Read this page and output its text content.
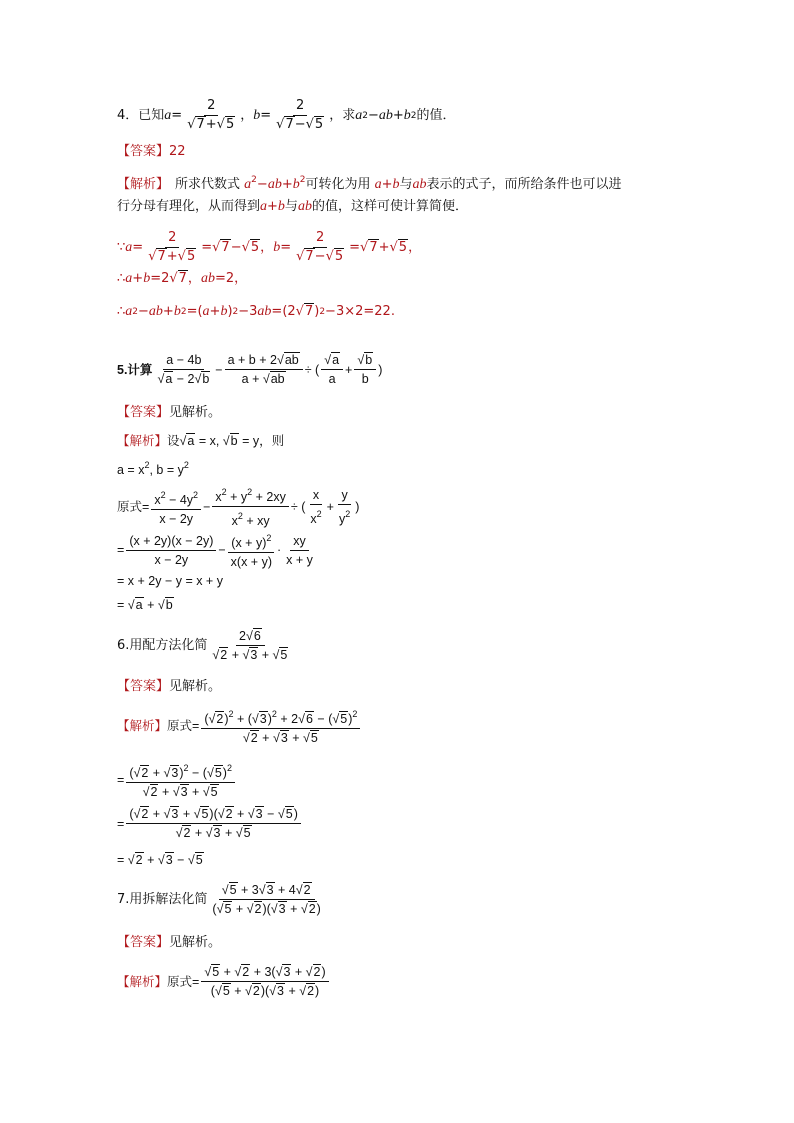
4．已知 $a = \frac{2}{√7+√5}$ ， $b = \frac{2}{√7-√5}$ ，求 a 2 − ab + b 2 的值．
【答案】22
【解析】 所求代数式 $a^2-ab+b^2$可转化为用 a+b与ab表示的式子，而所给条件也可以进
行分母有理化，从而得到a+b与ab的值，这样可使计算简便．
∵ $a = \frac{2}{√7+√5} =√7-√5$， $b = \frac{2}{√7-√5} =√7+√5$，
∴ a + b =2√7， ab =2，
∴ a 2 − ab + b 2 =( a + b ) 2 −3 ab =(2√7) 2 −3×2= 22.
5.计算 $\frac{a - 4b}{√a - 2√b} - \frac{a + b + 2√ab}{a + √ab}$ ÷ ( $\frac{√a}{a} + \frac{√b}{b}$ )
【答案】见解析。
【解析】设√a = x, √b = y，则
$a = x^2$, $b = y^2$
原式 = $\frac{x^2 - 4y^2}{x - 2y} - \frac{x^2 + y^2 + 2xy}{x^2 + xy}$ ÷ ( $\frac{x}{x^2} + \frac{y}{y^2}$ )
= $\frac{(x + 2y)(x - 2y)}{x - 2y} - \frac{(x + y)^2}{x(x + y)} \cdot \frac{xy}{x + y}$
= x + 2y − y = x + y
= √a + √b
6.用配方法化简 $\frac{2√6}{√2 + √3 + √5}$
【答案】见解析。
【解析】 原式 = $\frac{(√2)^2 + (√3)^2 + 2√6 - (√5)^2}{√2 + √3 + √5}$
= $\frac{(√2 + √3)^2 - (√5)^2}{√2 + √3 + √5}$
= $\frac{(√2 + √3 + √5)(√2 + √3 - √5)}{√2 + √3 + √5}$
= √2 + √3 − √5
7.用拆解法化简 $\frac{√5 + 3√3 + 4√2}{(√5 + √2)(√3 + √2)}$
【答案】见解析。
【解析】 原式 = $\frac{√5 + √2 + 3(√3 + √2)}{(√5 + √2)(√3 + √2)}$
